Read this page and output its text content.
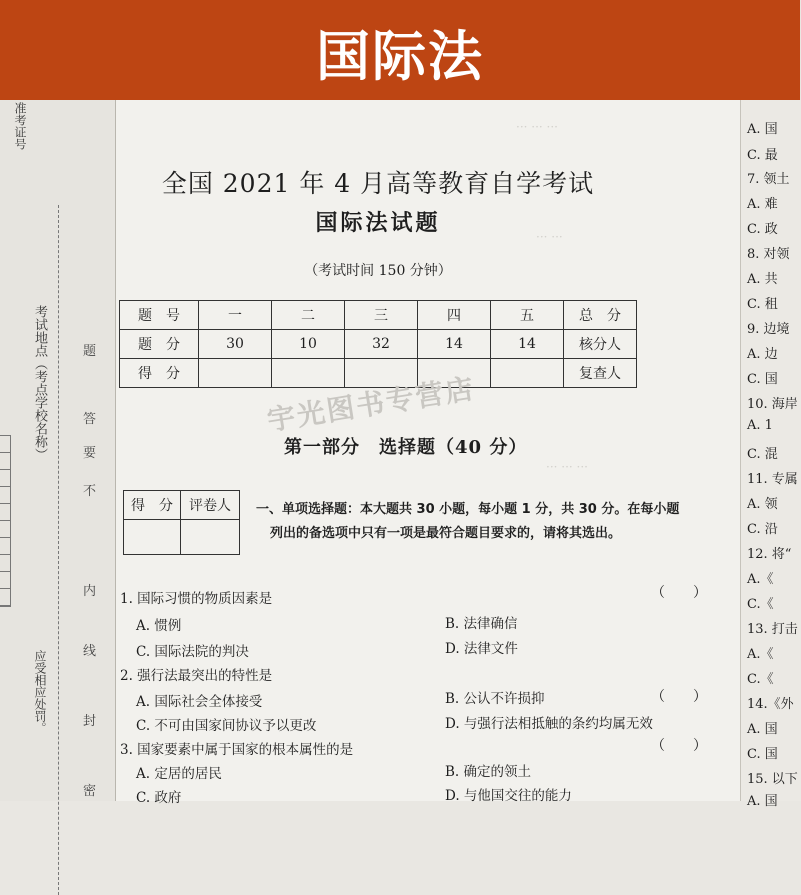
国际法
准考证号
考试地点（考点学校名称）	题
答
要
不
内
线
封
密
应受相应处罚。
··· ··· ···
··· ···
··· ··· ···
全国 2021 年 4 月高等教育自学考试
国际法试题
（考试时间 150 分钟）
题　号	一	二	三	四	五	总　分
题　分	30	10	32	14	14	核分人
得　分						复查人
宇光图书专营店
第一部分　选择题（40 分）
得　分	评卷人
	一、单项选择题：本大题共 30 小题，每小题 1 分，共 30 分。在每小题
列出的备选项中只有一项是最符合题目要求的，请将其选出。
1. 国际习惯的物质因素是	（　　）
A. 惯例	B. 法律确信
C. 国际法院的判决	D. 法律文件
2. 强行法最突出的特性是
（　　）
A. 国际社会全体接受	B. 公认不许损抑
C. 不可由国家间协议予以更改	D. 与强行法相抵触的条约均属无效
3. 国家要素中属于国家的根本属性的是	（　　）
A. 定居的居民	B. 确定的领土
C. 政府	D. 与他国交往的能力
A. 国
C. 最
7. 领土
A. 难
C. 政
8. 对领
A. 共
C. 租
9. 边境
A. 边
C. 国
10. 海岸
A. 1
C. 混
11. 专属
A. 领
C. 沿
12. 将“
A.《
C.《
13. 打击
A.《
C.《
14.《外
A. 国
C. 国
15. 以下
A. 国
